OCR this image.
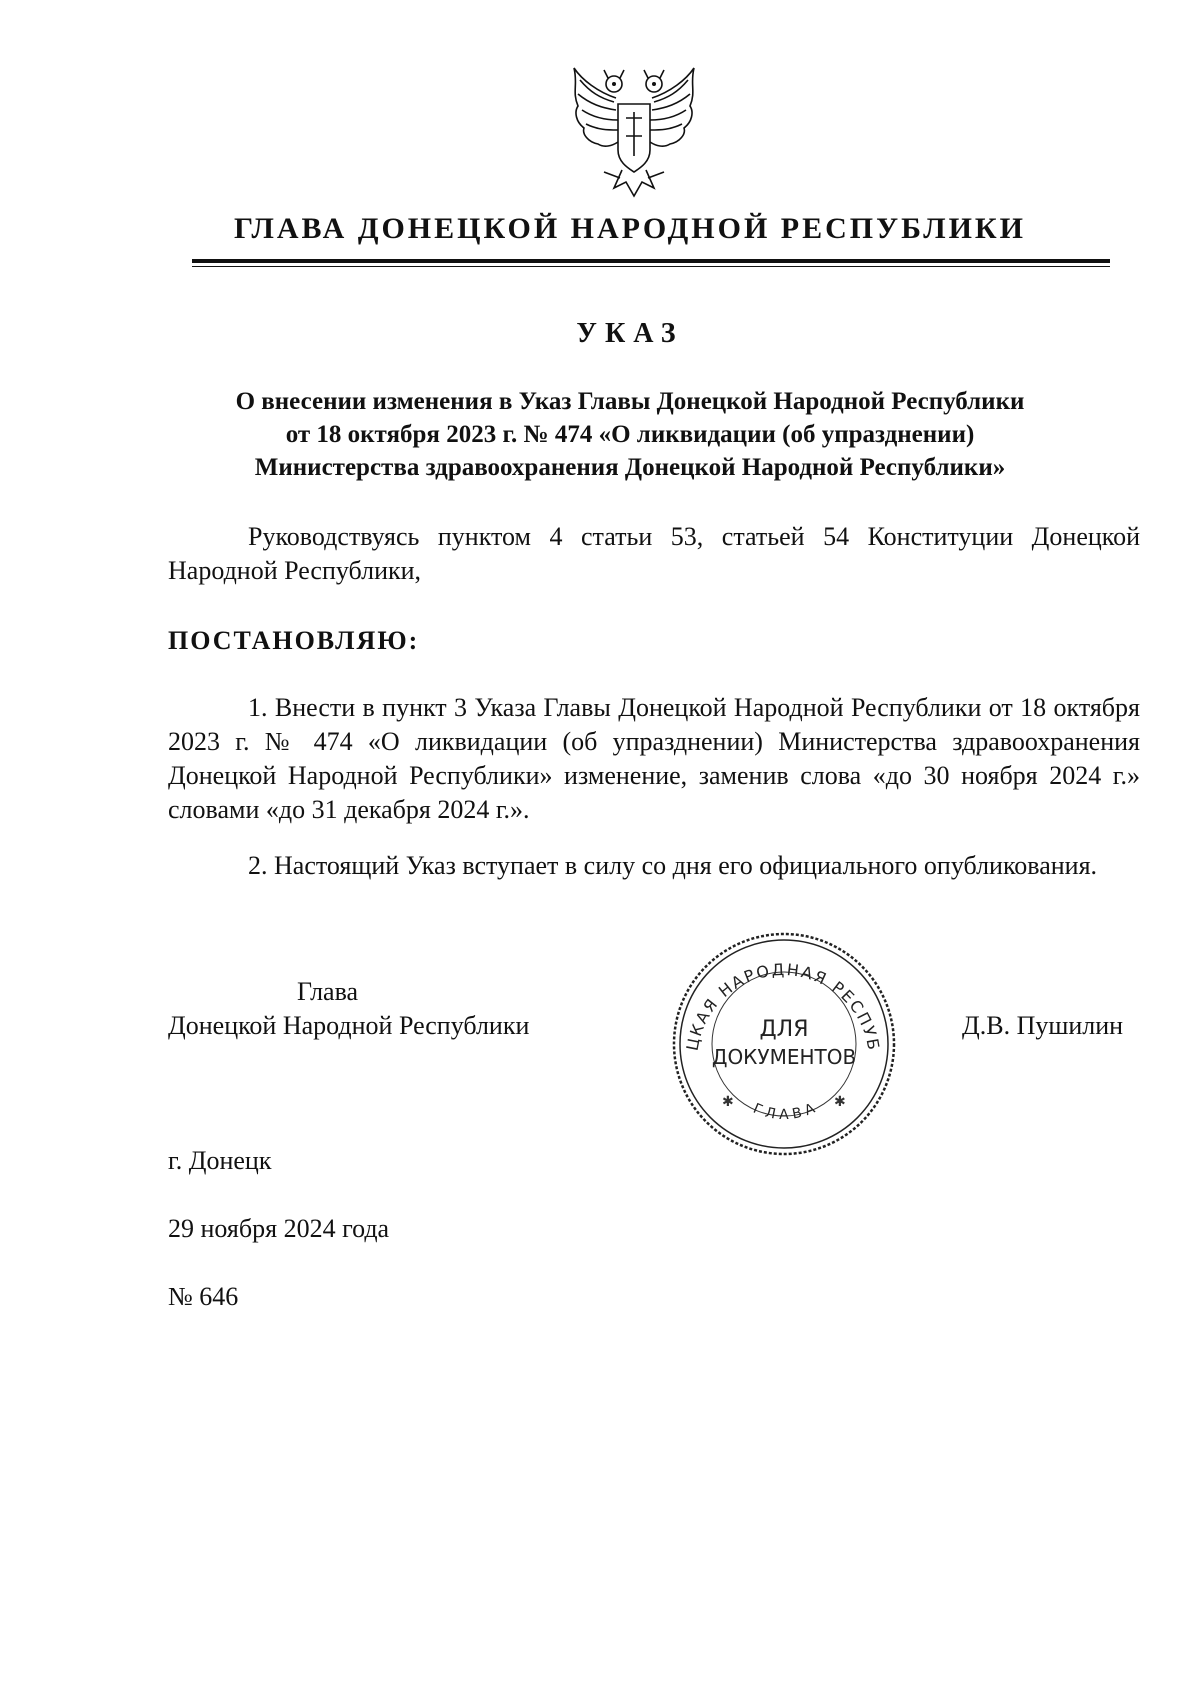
ГЛАВА ДОНЕЦКОЙ НАРОДНОЙ РЕСПУБЛИКИ
УКАЗ
О внесении изменения в Указ Главы Донецкой Народной Республики
от 18 октября 2023 г. № 474 «О ликвидации (об упразднении)
Министерства здравоохранения Донецкой Народной Республики»
Руководствуясь пунктом 4 статьи 53, статьей 54 Конституции Донецкой Народной Республики,
ПОСТАНОВЛЯЮ:
1. Внести в пункт 3 Указа Главы Донецкой Народной Республики от 18 октября 2023 г. № 474 «О ликвидации (об упразднении) Министерства здравоохранения Донецкой Народной Республики» изменение, заменив слова «до 30 ноября 2024 г.» словами «до 31 декабря 2024 г.».
2. Настоящий Указ вступает в силу со дня его официального опубликования.
Глава
Донецкой Народной Республики	Д.В. Пушилин
ЦКАЯ НАРОДНАЯ РЕСПУБ
Г Л А В А
✱	✱
ДЛЯ
ДОКУМЕНТОВ
г. Донецк
29 ноября 2024 года
№ 646
